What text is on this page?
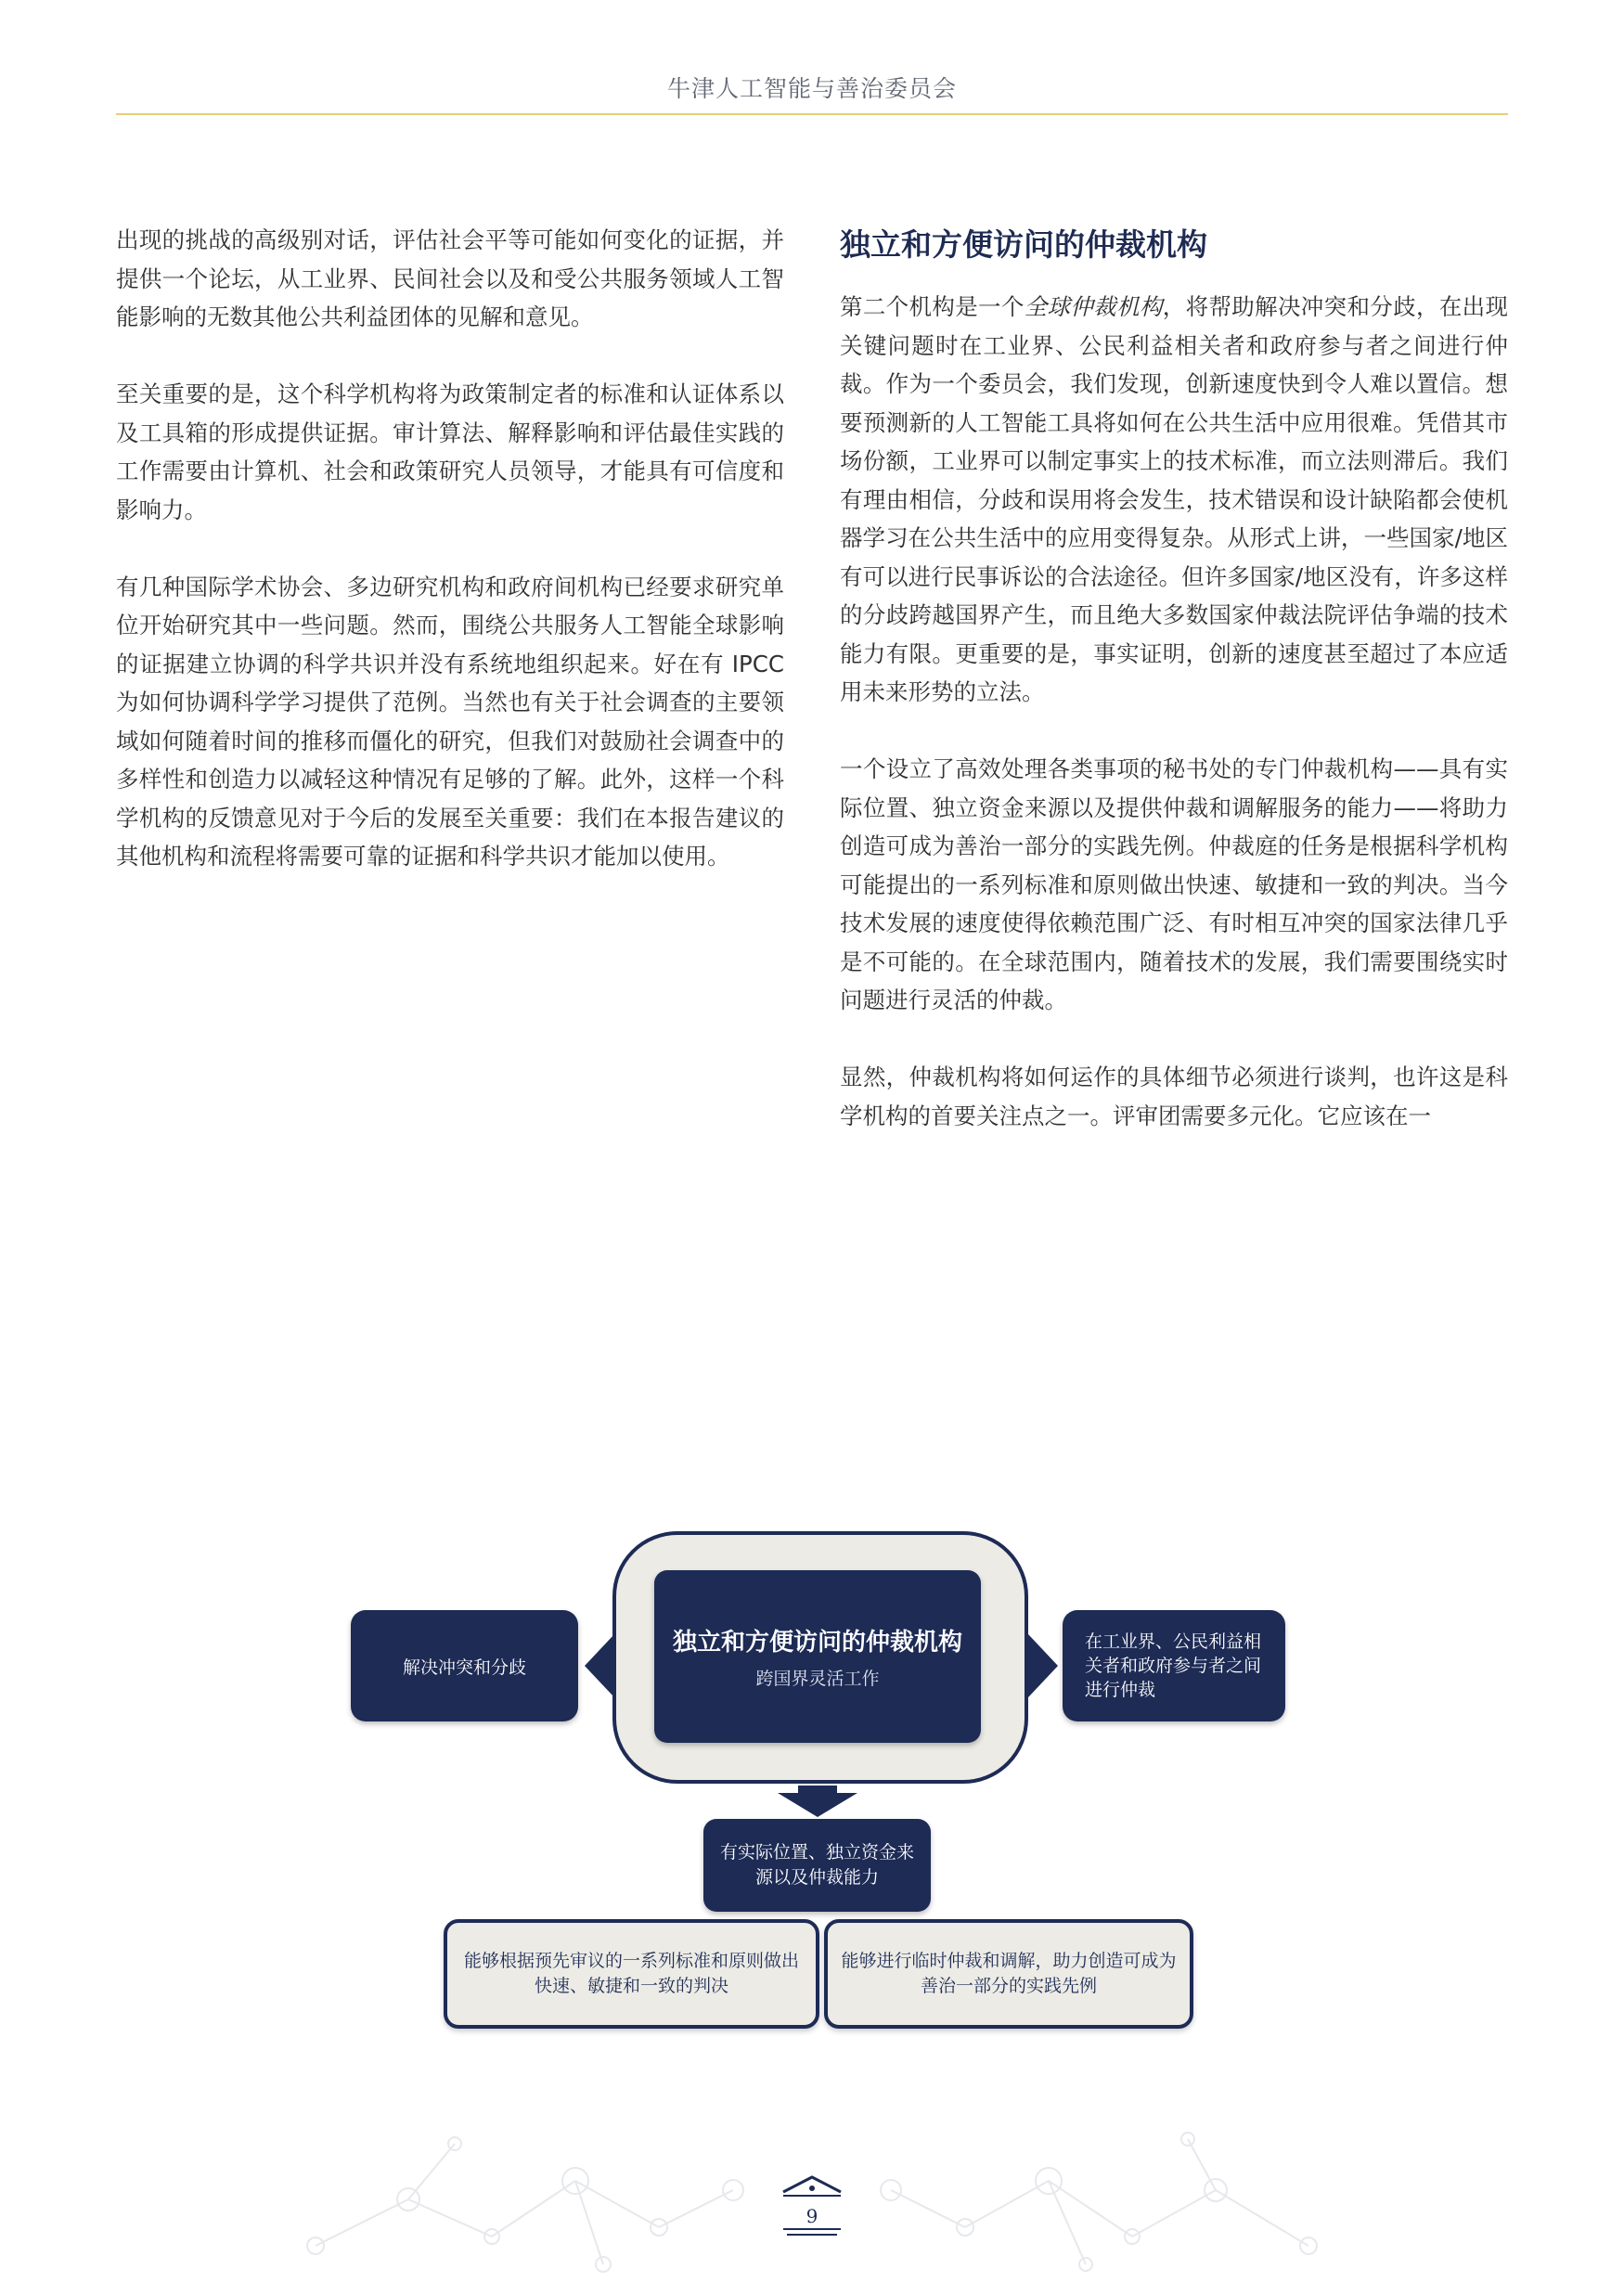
牛津人工智能与善治委员会

出现的挑战的高级别对话，评估社会平等可能如何变化的证据，并提供一个论坛，从工业界、民间社会以及和受公共服务领域人工智能影响的无数其他公共利益团体的见解和意见。

至关重要的是，这个科学机构将为政策制定者的标准和认证体系以及工具箱的形成提供证据。审计算法、解释影响和评估最佳实践的工作需要由计算机、社会和政策研究人员领导，才能具有可信度和影响力。

有几种国际学术协会、多边研究机构和政府间机构已经要求研究单位开始研究其中一些问题。然而，围绕公共服务人工智能全球影响的证据建立协调的科学共识并没有系统地组织起来。好在有 IPCC 为如何协调科学学习提供了范例。当然也有关于社会调查的主要领域如何随着时间的推移而僵化的研究，但我们对鼓励社会调查中的多样性和创造力以减轻这种情况有足够的了解。此外，这样一个科学机构的反馈意见对于今后的发展至关重要：我们在本报告建议的其他机构和流程将需要可靠的证据和科学共识才能加以使用。

独立和方便访问的仲裁机构

第二个机构是一个全球仲裁机构，将帮助解决冲突和分歧，在出现关键问题时在工业界、公民利益相关者和政府参与者之间进行仲裁。作为一个委员会，我们发现，创新速度快到令人难以置信。想要预测新的人工智能工具将如何在公共生活中应用很难。凭借其市场份额，工业界可以制定事实上的技术标准，而立法则滞后。我们有理由相信，分歧和误用将会发生，技术错误和设计缺陷都会使机器学习在公共生活中的应用变得复杂。从形式上讲，一些国家/地区有可以进行民事诉讼的合法途径。但许多国家/地区没有，许多这样的分歧跨越国界产生，而且绝大多数国家仲裁法院评估争端的技术能力有限。更重要的是，事实证明，创新的速度甚至超过了本应适用未来形势的立法。

一个设立了高效处理各类事项的秘书处的专门仲裁机构——具有实际位置、独立资金来源以及提供仲裁和调解服务的能力——将助力创造可成为善治一部分的实践先例。仲裁庭的任务是根据科学机构可能提出的一系列标准和原则做出快速、敏捷和一致的判决。当今技术发展的速度使得依赖范围广泛、有时相互冲突的国家法律几乎是不可能的。在全球范围内，随着技术的发展，我们需要围绕实时问题进行灵活的仲裁。

显然，仲裁机构将如何运作的具体细节必须进行谈判，也许这是科学机构的首要关注点之一。评审团需要多元化。它应该在一

独立和方便访问的仲裁机构
跨国界灵活工作
解决冲突和分歧
在工业界、公民利益相关者和政府参与者之间进行仲裁
有实际位置、独立资金来源以及仲裁能力
能够根据预先审议的一系列标准和原则做出快速、敏捷和一致的判决
能够进行临时仲裁和调解，助力创造可成为善治一部分的实践先例
9
